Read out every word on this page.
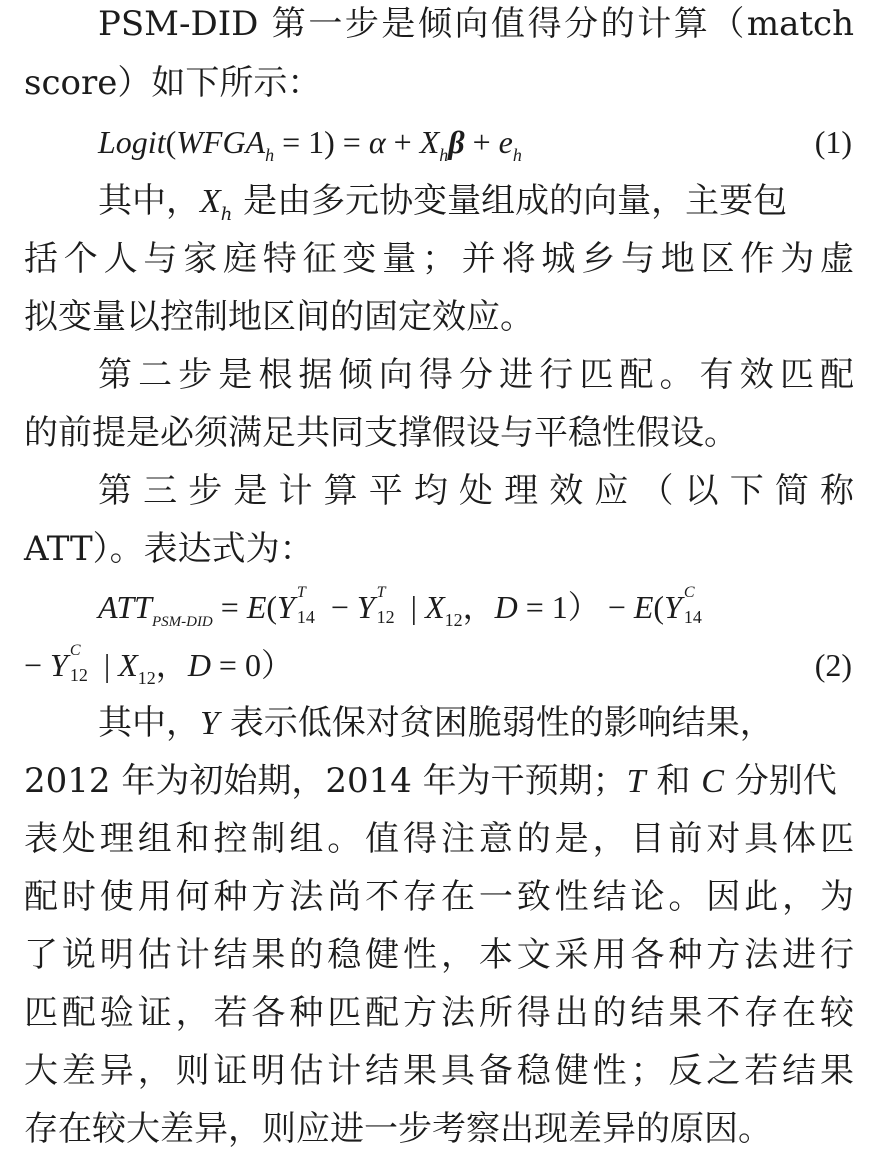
PSM-DID 第一步是倾向值得分的计算（match
score）如下所示：
$Logit(WFGA_h = 1) = \alpha + X_h\beta + e_h$	(1)
其中，$X_h$ 是由多元协变量组成的向量，主要包
括个人与家庭特征变量；并将城乡与地区作为虚
拟变量以控制地区间的固定效应。
第二步是根据倾向得分进行匹配。有效匹配
的前提是必须满足共同支撑假设与平稳性假设。
第三步是计算平均处理效应（以下简称
ATT）。表达式为：
$ATT_{PSM-DID} = E(Y$ T
14 − Y T
12 | $X_{12}$，D = 1） − E(Y C
14
− Y C
12 | $X_{12}$，D = 0）	(2)
其中，Y 表示低保对贫困脆弱性的影响结果，
2012 年为初始期，2014 年为干预期；T 和 C 分别代
表处理组和控制组。值得注意的是，目前对具体匹
配时使用何种方法尚不存在一致性结论。因此，为
了说明估计结果的稳健性，本文采用各种方法进行
匹配验证，若各种匹配方法所得出的结果不存在较
大差异，则证明估计结果具备稳健性；反之若结果
存在较大差异，则应进一步考察出现差异的原因。
